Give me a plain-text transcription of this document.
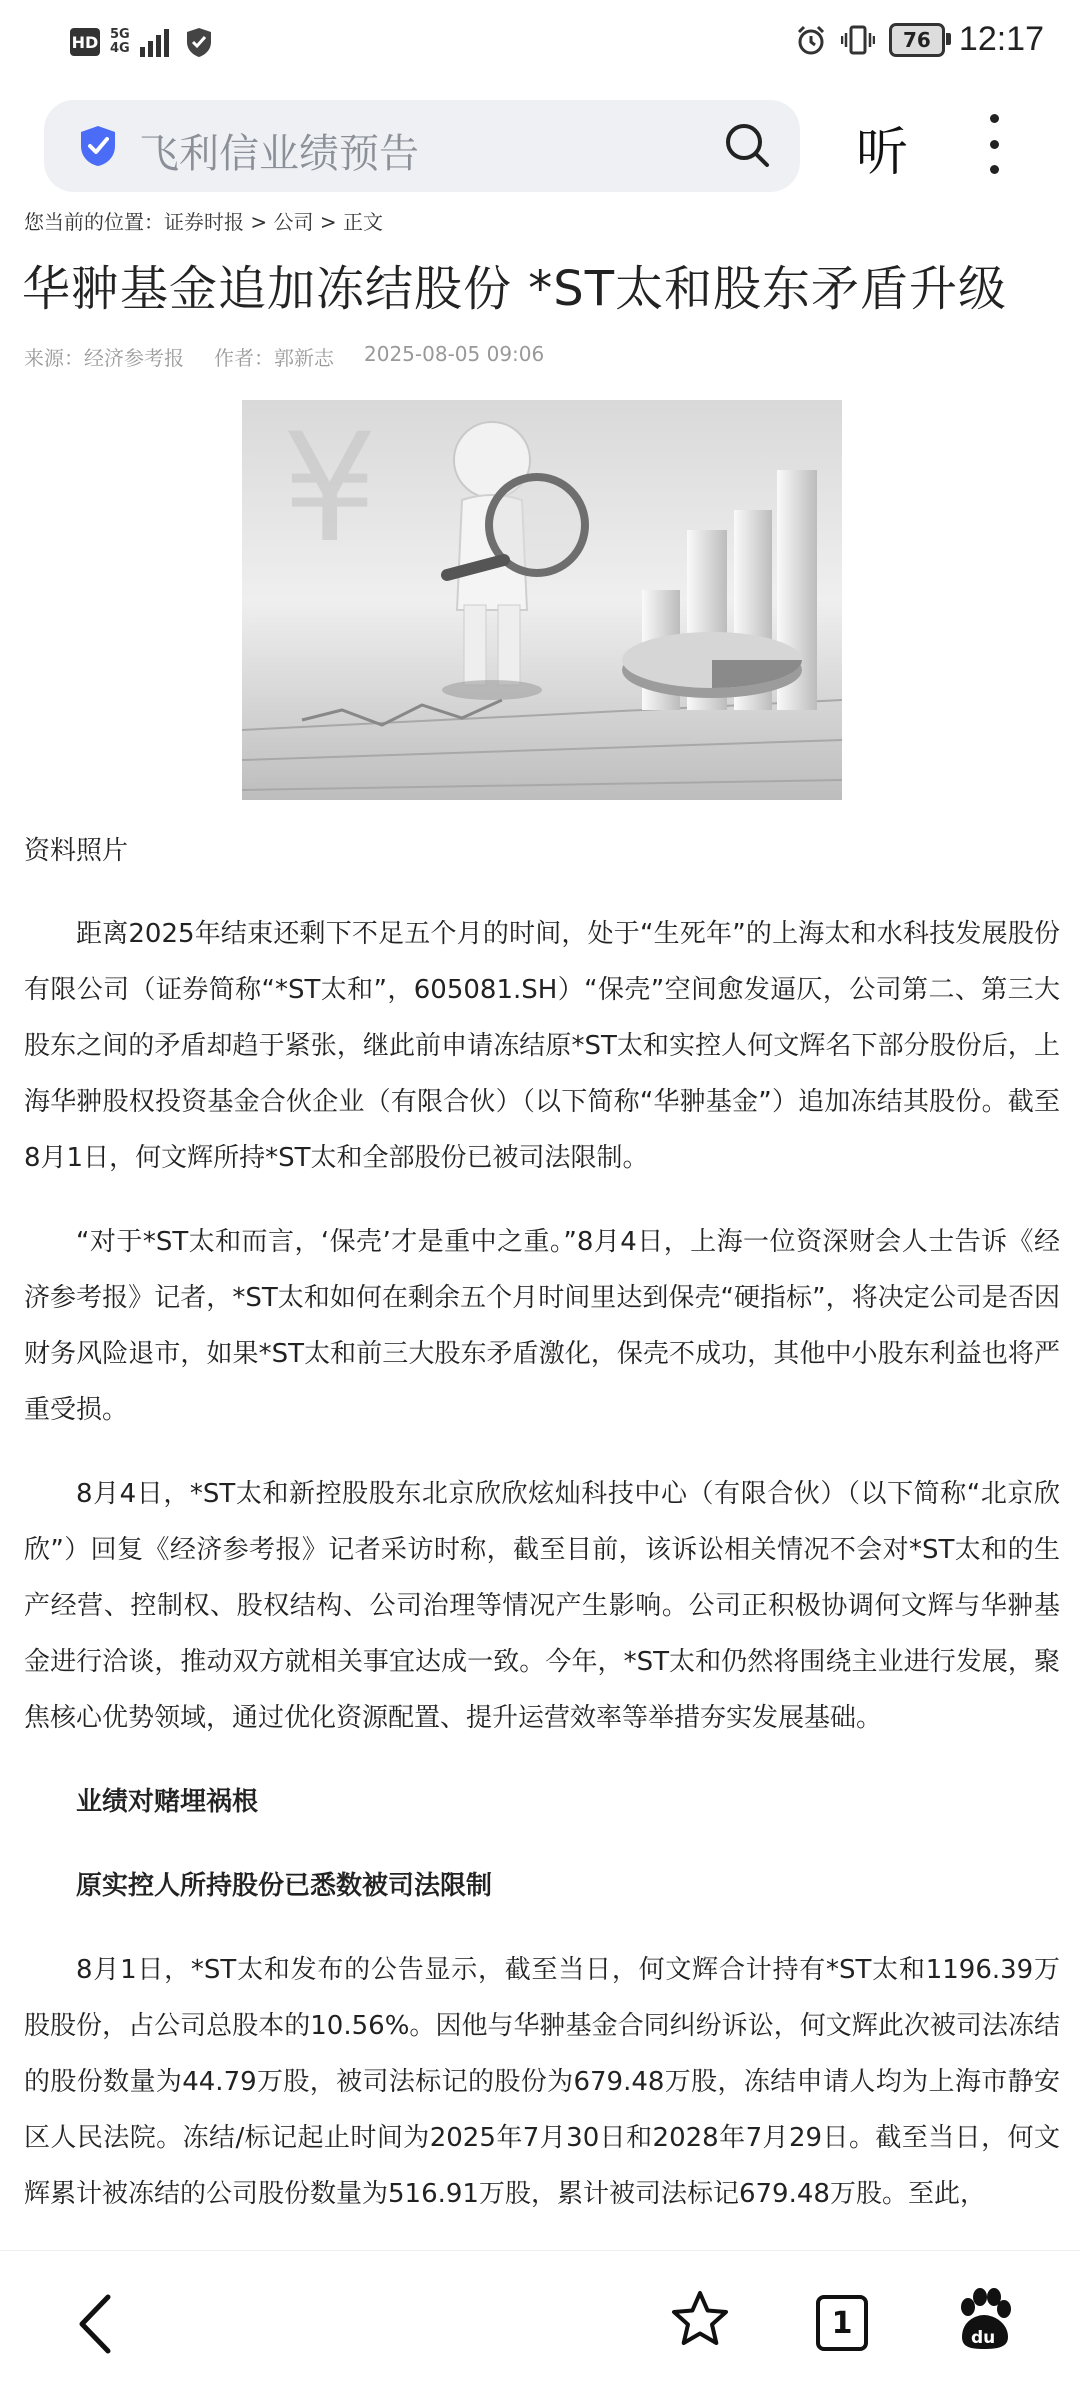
HD 5G
4G	76 12:17
飞利信业绩预告	听
您当前的位置：证券时报 > 公司 > 正文
华翀基金追加冻结股份 *ST太和股东矛盾升级
来源：经济参考报 作者：郭新志 2025-08-05 09:06
¥
资料照片

距离2025年结束还剩下不足五个月的时间，处于“生死年”的上海太和水科技发展股份有限公司（证券简称“*ST太和”，605081.SH）“保壳”空间愈发逼仄，公司第二、第三大股东之间的矛盾却趋于紧张，继此前申请冻结原*ST太和实控人何文辉名下部分股份后，上海华翀股权投资基金合伙企业（有限合伙）（以下简称“华翀基金”）追加冻结其股份。截至8月1日，何文辉所持*ST太和全部股份已被司法限制。

“对于*ST太和而言，‘保壳’才是重中之重。”8月4日，上海一位资深财会人士告诉《经济参考报》记者，*ST太和如何在剩余五个月时间里达到保壳“硬指标”，将决定公司是否因财务风险退市，如果*ST太和前三大股东矛盾激化，保壳不成功，其他中小股东利益也将严重受损。

8月4日，*ST太和新控股股东北京欣欣炫灿科技中心（有限合伙）（以下简称“北京欣欣”）回复《经济参考报》记者采访时称，截至目前，该诉讼相关情况不会对*ST太和的生产经营、控制权、股权结构、公司治理等情况产生影响。公司正积极协调何文辉与华翀基金进行洽谈，推动双方就相关事宜达成一致。今年，*ST太和仍然将围绕主业进行发展，聚焦核心优势领域，通过优化资源配置、提升运营效率等举措夯实发展基础。

业绩对赌埋祸根
原实控人所持股份已悉数被司法限制

8月1日，*ST太和发布的公告显示，截至当日，何文辉合计持有*ST太和1196.39万股股份，占公司总股本的10.56%。因他与华翀基金合同纠纷诉讼，何文辉此次被司法冻结的股份数量为44.79万股，被司法标记的股份为679.48万股，冻结申请人均为上海市静安区人民法院。冻结/标记起止时间为2025年7月30日和2028年7月29日。截至当日，何文辉累计被冻结的公司股份数量为516.91万股，累计被司法标记679.48万股。至此，

1	du
